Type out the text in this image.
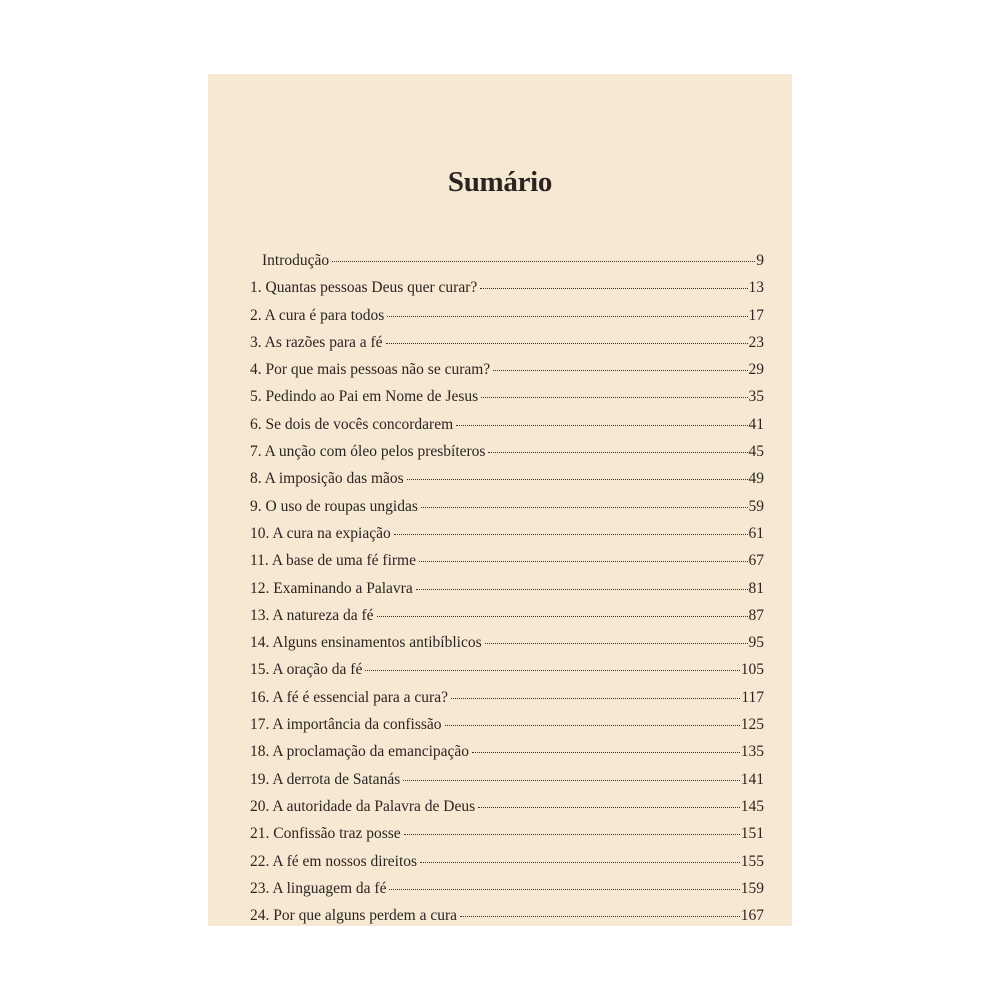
Sumário
Introdução	9
1. Quantas pessoas Deus quer curar?	13
2. A cura é para todos	17
3. As razões para a fé	23
4. Por que mais pessoas não se curam?	29
5. Pedindo ao Pai em Nome de Jesus	35
6. Se dois de vocês concordarem	41
7. A unção com óleo pelos presbíteros	45
8. A imposição das mãos	49
9. O uso de roupas ungidas	59
10. A cura na expiação	61
11. A base de uma fé firme	67
12. Examinando a Palavra	81
13. A natureza da fé	87
14. Alguns ensinamentos antibíblicos	95
15. A oração da fé	105
16. A fé é essencial para a cura?	117
17. A importância da confissão	125
18. A proclamação da emancipação	135
19. A derrota de Satanás	141
20. A autoridade da Palavra de Deus	145
21. Confissão traz posse	151
22. A fé em nossos direitos	155
23. A linguagem da fé	159
24. Por que alguns perdem a cura	167
